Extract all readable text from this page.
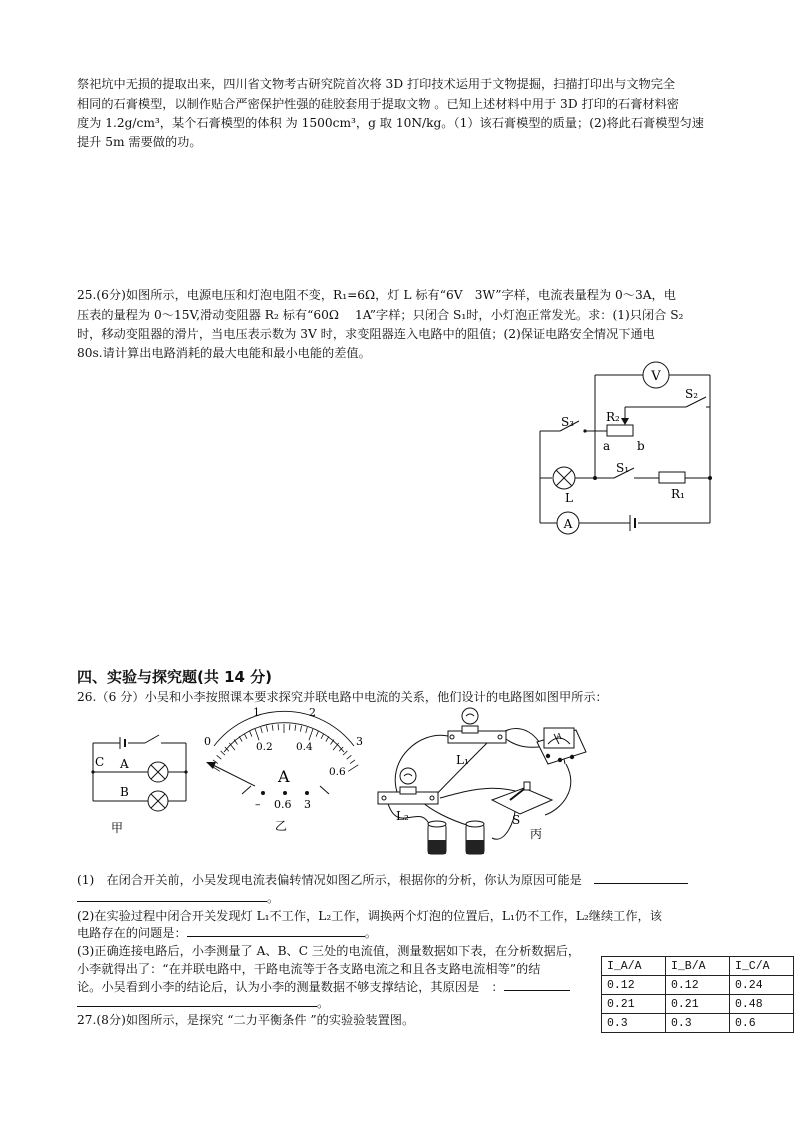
祭祀坑中无损的提取出来，四川省文物考古研究院首次将 3D 打印技术运用于文物提掘，扫描打印出与文物完全
相同的石膏模型，以制作贴合严密保护性强的硅胶套用于提取文物 。已知上述材料中用于 3D 打印的石膏材料密
度为 1.2g/cm³，某个石膏模型的体积 为 1500cm³，g 取 10N/kg。（1）该石膏模型的质量；(2)将此石膏模型匀速
提升 5m 需要做的功。
25.(6分)如图所示，电源电压和灯泡电阻不变，R₁=6Ω，灯 L 标有“6V　3W”字样，电流表量程为 0～3A，电
压表的量程为 0～15V,滑动变阻器 R₂ 标有“60Ω　 1A”字样；只闭合 S₁时，小灯泡正常发光。求：(1)只闭合 S₂
时，移动变阻器的滑片，当电压表示数为 3V 时，求变阻器连入电路中的阻值；(2)保证电路安全情况下通电
80s.请计算出电路消耗的最大电能和最小电能的差值。
V
A
S₂
S₃	R₂
a b
S₁
L	R₁
四、实验与探究题(共 14 分)
26.（6 分）小吴和小李按照课本要求探究并联电路中电流的关系，他们设计的电路图如图甲所示：
C A
B
甲
0
1	2
3
0.2 0.4
0.6
A
– 0.6 3
乙
L₁
L₂
A
S
丙
(1)　在闭合开关前，小吴发现电流表偏转情况如图乙所示，根据你的分析，你认为原因可能是
。
(2)在实验过程中闭合开关发现灯 L₁不工作，L₂工作，调换两个灯泡的位置后，L₁仍不工作，L₂继续工作，该
电路存在的问题是：	。
(3)正确连接电路后，小李测量了 A、B、C 三处的电流值，测量数据如下表，在分析数据后，
小李就得出了：“在并联电路中，干路电流等于各支路电流之和且各支路电流相等”的结
论。小吴看到小李的结论后，认为小李的测量数据不够支撑结论，其原因是　：
。
I_A/A	I_B/A	I_C/A
0.12	0.12	0.24
0.21	0.21	0.48
0.3	0.3	0.6
27.(8分)如图所示，是探究 “二力平衡条件 ”的实验验装置图。
